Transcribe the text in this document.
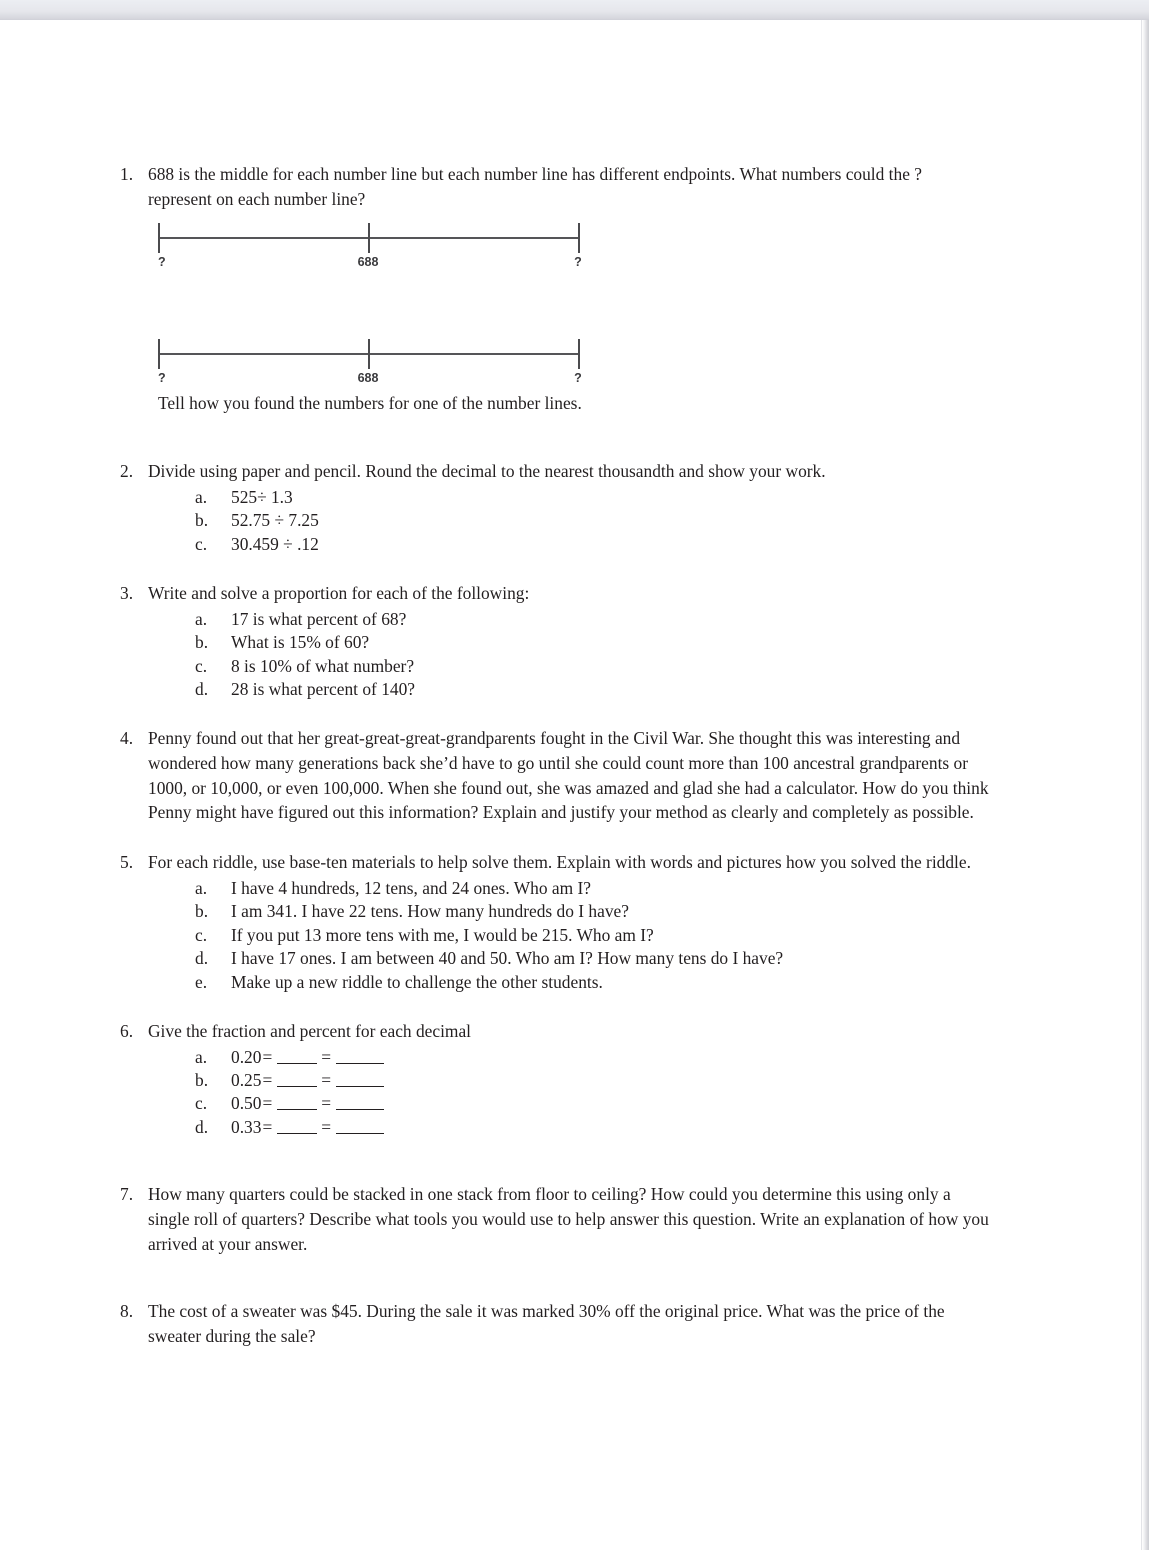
1. 688 is the middle for each number line but each number line has different endpoints. What numbers could the ? represent on each number line?
?	688	?
?	688	?
Tell how you found the numbers for one of the number lines.
2. Divide using paper and pencil. Round the decimal to the nearest thousandth and show your work.
a.	525÷ 1.3
b.	52.75 ÷ 7.25
c.	30.459 ÷ .12
3. Write and solve a proportion for each of the following:
a.	17 is what percent of 68?
b.	What is 15% of 60?
c.	8 is 10% of what number?
d.	28 is what percent of 140?
4. Penny found out that her great-great-great-grandparents fought in the Civil War. She thought this was interesting and wondered how many generations back she’d have to go until she could count more than 100 ancestral grandparents or 1000, or 10,000, or even 100,000. When she found out, she was amazed and glad she had a calculator. How do you think Penny might have figured out this information? Explain and justify your method as clearly and completely as possible.
5. For each riddle, use base-ten materials to help solve them. Explain with words and pictures how you solved the riddle.
a.	I have 4 hundreds, 12 tens, and 24 ones. Who am I?
b.	I am 341. I have 22 tens. How many hundreds do I have?
c.	If you put 13 more tens with me, I would be 215. Who am I?
d.	I have 17 ones. I am between 40 and 50. Who am I? How many tens do I have?
e.	Make up a new riddle to challenge the other students.
6. Give the fraction and percent for each decimal
a.	0.20=	=
b.	0.25=	=
c.	0.50=	=
d.	0.33=	=
7. How many quarters could be stacked in one stack from floor to ceiling? How could you determine this using only a single roll of quarters? Describe what tools you would use to help answer this question. Write an explanation of how you arrived at your answer.
8. The cost of a sweater was $45. During the sale it was marked 30% off the original price. What was the price of the sweater during the sale?
